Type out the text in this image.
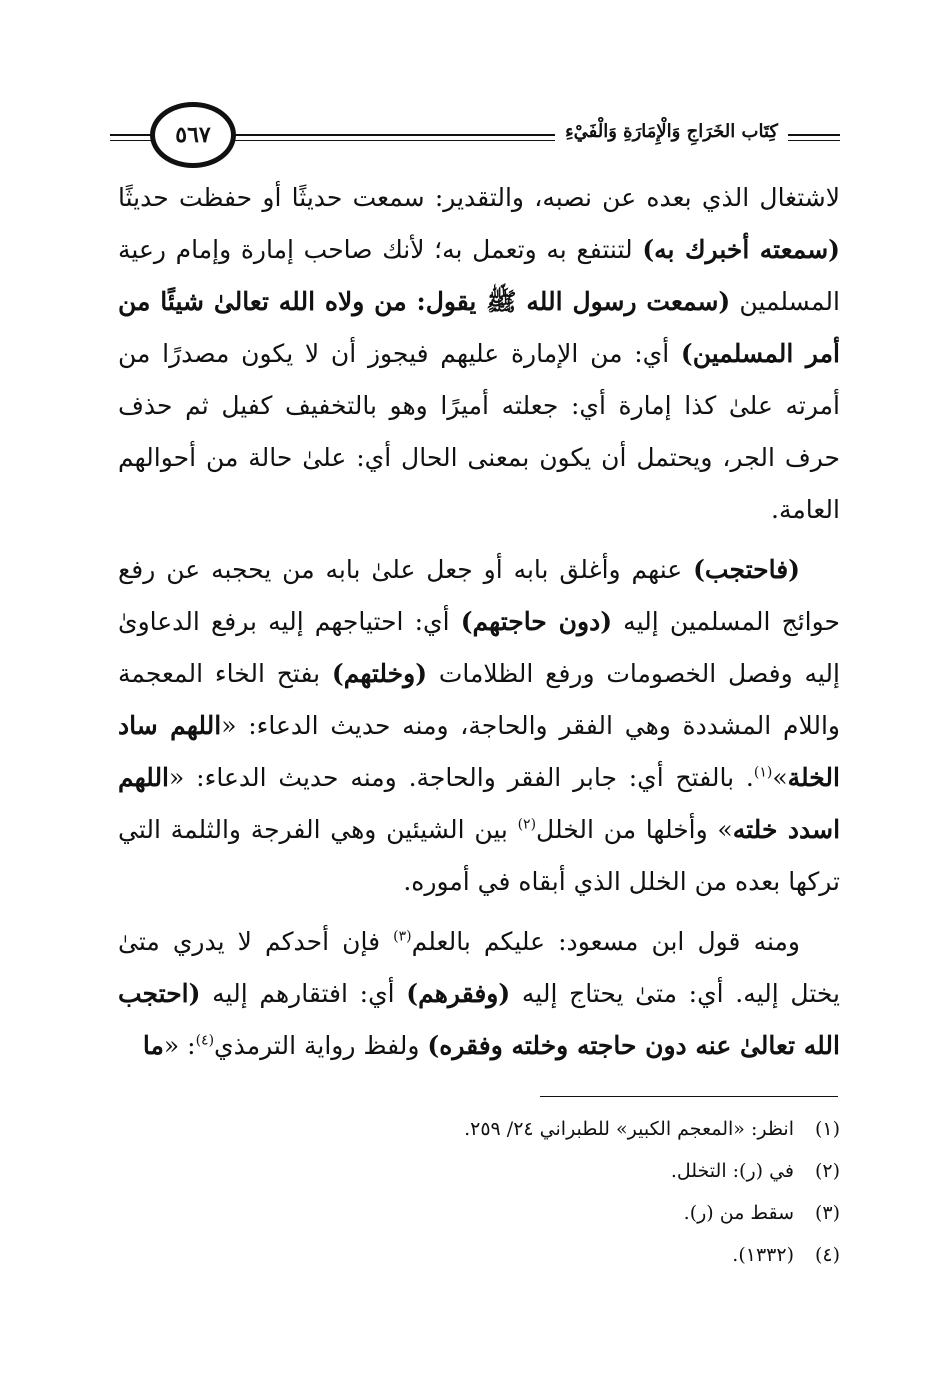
كِتَاب الخَرَاجِ وَالْإِمَارَةِ وَالْفَيْءِ
٥٦٧

لاشتغال الذي بعده عن نصبه، والتقدير: سمعت حديثًا أو حفظت حديثًا (سمعته أخبرك به) لتنتفع به وتعمل به؛ لأنك صاحب إمارة وإمام رعية المسلمين (سمعت رسول الله ﷺ يقول: من ولاه الله تعالىٰ شيئًا من أمر المسلمين) أي: من الإمارة عليهم فيجوز أن لا يكون مصدرًا من أمرته علىٰ كذا إمارة أي: جعلته أميرًا وهو بالتخفيف كفيل ثم حذف حرف الجر، ويحتمل أن يكون بمعنى الحال أي: علىٰ حالة من أحوالهم العامة.

(فاحتجب) عنهم وأغلق بابه أو جعل علىٰ بابه من يحجبه عن رفع حوائج المسلمين إليه (دون حاجتهم) أي: احتياجهم إليه برفع الدعاوىٰ إليه وفصل الخصومات ورفع الظلامات (وخلتهم) بفتح الخاء المعجمة واللام المشددة وهي الفقر والحاجة، ومنه حديث الدعاء: «اللهم ساد الخلة»$^{(١)}$. بالفتح أي: جابر الفقر والحاجة. ومنه حديث الدعاء: «اللهم اسدد خلته» وأخلها من الخلل$^{(٢)}$ بين الشيئين وهي الفرجة والثلمة التي تركها بعده من الخلل الذي أبقاه في أموره.

ومنه قول ابن مسعود: عليكم بالعلم$^{(٣)}$ فإن أحدكم لا يدري متىٰ يختل إليه. أي: متىٰ يحتاج إليه (وفقرهم) أي: افتقارهم إليه (احتجب الله تعالىٰ عنه دون حاجته وخلته وفقره) ولفظ رواية الترمذي$^{(٤)}$: «ما

(١)انظر: «المعجم الكبير» للطبراني ٢٤/ ٢٥٩.
(٢)في (ر): التخلل.
(٣)سقط من (ر).
(٤)(١٣٣٢).
